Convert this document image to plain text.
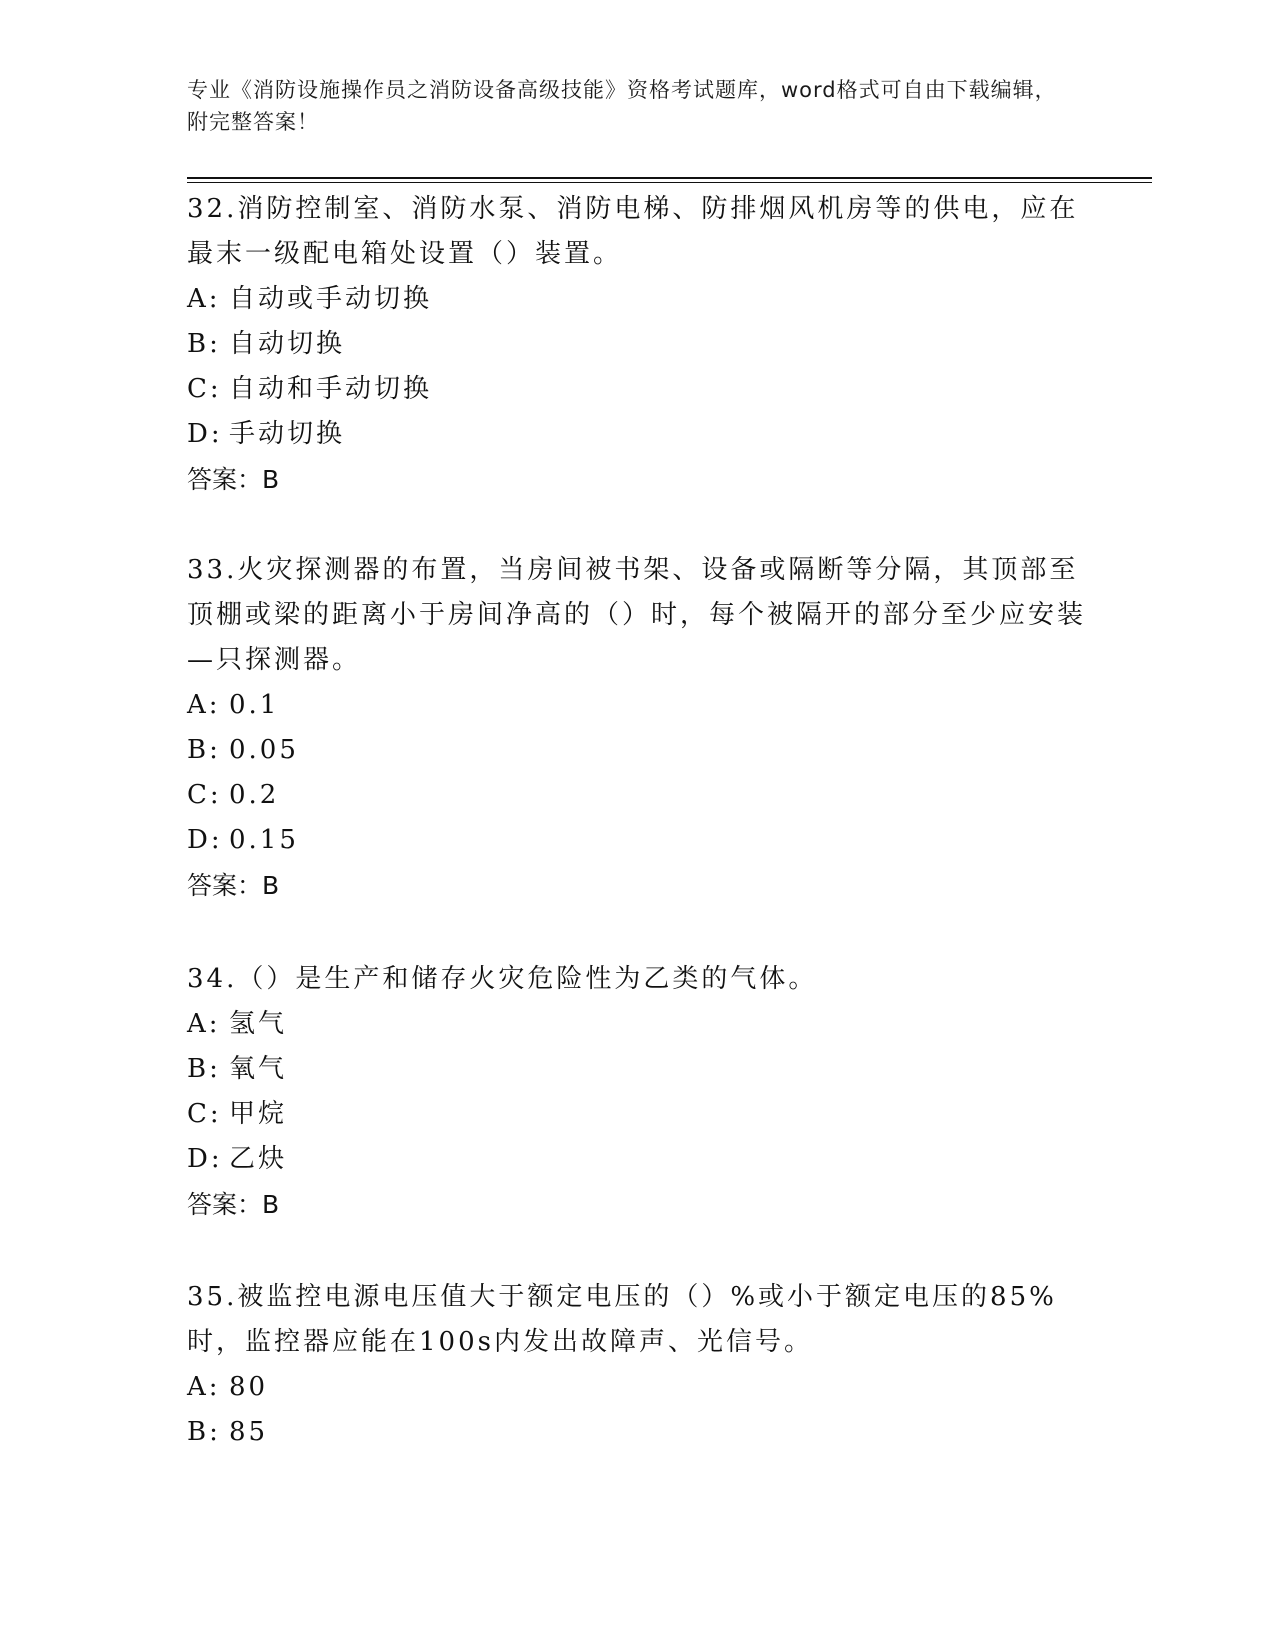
专业《消防设施操作员之消防设备高级技能》资格考试题库，word格式可自由下载编辑，附完整答案！

32.消防控制室、消防水泵、消防电梯、防排烟风机房等的供电，应在最末一级配电箱处设置（）装置。

A: 自动或手动切换
B: 自动切换
C: 自动和手动切换
D: 手动切换
答案：B

33.火灾探测器的布置，当房间被书架、设备或隔断等分隔，其顶部至顶棚或梁的距离小于房间净高的（）时，每个被隔开的部分至少应安装—只探测器。

A: 0.1
B: 0.05
C: 0.2
D: 0.15
答案：B

34.（）是生产和储存火灾危险性为乙类的气体。

A: 氢气
B: 氧气
C: 甲烷
D: 乙炔
答案：B

35.被监控电源电压值大于额定电压的（）%或小于额定电压的85%时，监控器应能在100s内发出故障声、光信号。

A: 80
B: 85
